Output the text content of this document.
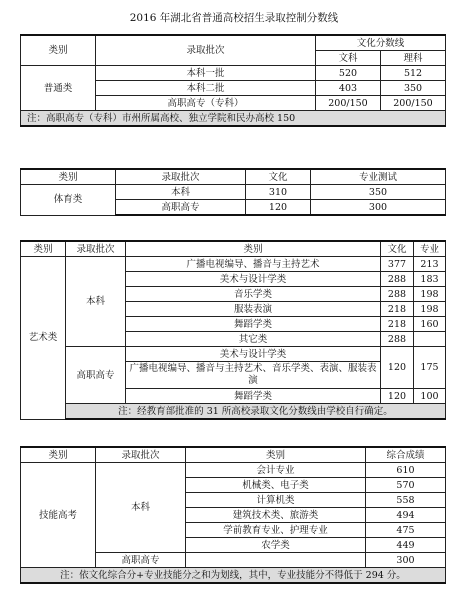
2016 年湖北省普通高校招生录取控制分数线
类别	录取批次	文化分数线	
		文科	理科
普通类	本科一批	520	512
	本科二批	403	350
	高职高专（专科）	200/150	200/150
注：高职高专（专科）市州所属高校、独立学院和民办高校 150			
类别	录取批次	文化	专业测试
体育类	本科	310	350
	高职高专	120	300
类别	录取批次	类别	文化	专业
艺术类	本科	广播电视编导、播音与主持艺术	377	213
		美术与设计学类	288	183
		音乐学类	288	198
		服装表演	218	198
		舞蹈学类	218	160
		其它类	288	
	高职高专	美术与设计学类	120	175
		广播电视编导、播音与主持艺术、音乐学类、表演、服装表演		
		舞蹈学类	120	100
	注：经教育部批准的 31 所高校录取文化分数线由学校自行确定。			
类别	录取批次	类别	综合成绩
技能高考	本科	会计专业	610
		机械类、电子类	570
		计算机类	558
		建筑技术类、旅游类	494
		学前教育专业、护理专业	475
		农学类	449
	高职高专		300
注：依文化综合分+专业技能分之和为划线，其中，专业技能分不得低于 294 分。			
